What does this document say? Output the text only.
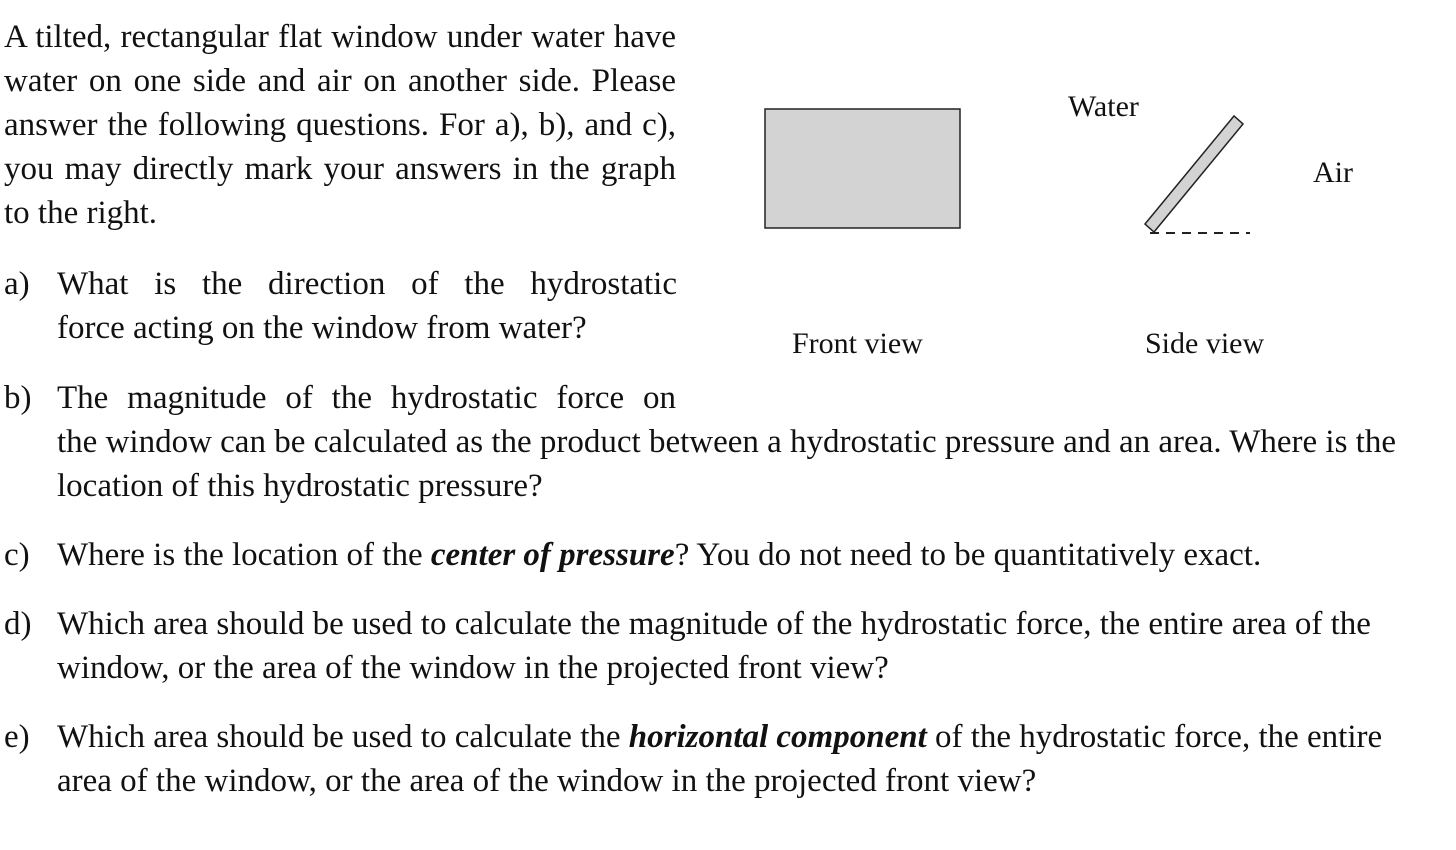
A tilted, rectangular flat window under water have water on one side and air on another side. Please answer the following questions. For a), b), and c), you may directly mark your answers in the graph to the right.
a) What is the direction of the hydrostatic
force acting on the window from water?
b) The magnitude of the hydrostatic force on
the window can be calculated as the product between a hydrostatic pressure and an area. Where is the location of this hydrostatic pressure?
c) Where is the location of the center of pressure? You do not need to be quantitatively exact.
d) Which area should be used to calculate the magnitude of the hydrostatic force, the entire area of the window, or the area of the window in the projected front view?
e) Which area should be used to calculate the horizontal component of the hydrostatic force, the entire area of the window, or the area of the window in the projected front view?
Water
Air
Front view	Side view
